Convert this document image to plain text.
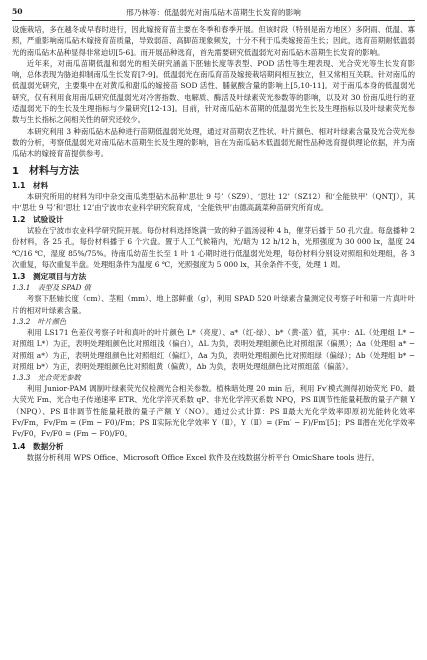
50	邢乃林等：低温弱光对南瓜砧木苗期生长发育的影响

设施栽培，多在越冬或早春时进行，因此嫁接育苗主要在冬季和春季开展。但该时段（特别是南方地区）多阴雨、低温、寡照，严重影响南瓜砧木嫁接育苗质量，导致弱苗、高脚苗现象频发，十分不利于瓜类嫁接苗生长；因此，选育苗期耐低温弱光的南瓜砧木品种显得非常迫切[5-6]。而开展品种选育，首先需要研究低温弱光对南瓜砧木苗期生长发育的影响。

近年来，对南瓜苗期低温和弱光的相关研究涵盖下胚轴长度等表型、POD 活性等生理表现、光合荧光等生长发育影响，总体表现为胁迫抑制南瓜生长发育[7-9]。低温弱光在南瓜育苗及嫁接栽培期间相互独立，但又常相互关联。针对南瓜的低温弱光研究，主要集中在对黄瓜和甜瓜的嫁接苗 SOD 活性、脯氨酸含量的影响上[5,10-11]。对于南瓜本身的低温弱光研究，仅有利用食用南瓜研究低温弱光对冷害指数、电解质、酶活及叶绿素荧光参数等的影响，以及对 30 份南瓜进行的亚适温弱光下的生长及生理指标与少量研究[12-13]。目前，针对南瓜砧木苗期的低温弱光生长及生理指标以及叶绿素荧光参数与生长指标之间相关性的研究还较少。

本研究利用 3 种南瓜砧木品种进行苗期低温弱光处理，通过对苗期农艺性状、叶片颜色、相对叶绿素含量及光合荧光参数的分析，考察低温弱光对南瓜砧木苗期生长及生理的影响，旨在为南瓜砧木低温弱光耐性品种选育提供理论依据，并为南瓜砧木的嫁接育苗提供参考。

1　材料与方法
1.1　材料

本研究所用的材料为印中杂交南瓜类型砧木品种‘思壮 9 号’（SZ9）、‘思壮 12’（SZ12）和‘全能铁甲’（QNTJ），其中‘思壮 9 号’和‘思壮 12’由宁波市农业科学研究院育成，‘全能铁甲’由德高蔬菜种苗研究所育成。

1.2　试验设计

试验在宁波市农业科学研究院开展。每份材料选择饱满一致的种子温汤浸种 4 h，催芽后播于 50 孔穴盘。每盘播种 2 份材料，各 25 孔，每份材料播于 6 个穴盘。置于人工气候箱内，光/暗为 12 h/12 h，光照强度为 30 000 lx，温度 24 ℃/16 ℃，湿度 85%/75%。待南瓜幼苗生长至 1 叶 1 心期时进行低温弱光处理，每份材料分别设对照组和处理组，各 3 次重复，每次重复半盘。处理组条件为温度 6 ℃，光照强度为 5 000 lx，其余条件不变，处理 1 周。

1.3　测定项目与方法
1.3.1　表型及 SPAD 值

考察下胚轴长度（cm）、茎粗（mm）、地上部鲜重（g），利用 SPAD 520 叶绿素含量测定仪考察子叶和第一片真叶叶片的相对叶绿素含量。

1.3.2　叶片颜色

利用 LS171 色差仪考察子叶和真叶的叶片颜色 L*（亮度）、a*（红-绿）、b*（黄-蓝）值，其中：ΔL（处理组 L* − 对照组 L*）为正，表明处理组颜色比对照组浅（偏白），ΔL 为负，表明处理组颜色比对照组深（偏黑）；Δa（处理组 a* − 对照组 a*）为正，表明处理组颜色比对照组红（偏红），Δa 为负，表明处理组颜色比对照组绿（偏绿）；Δb（处理组 b* − 对照组 b*）为正，表明处理组颜色比对照组黄（偏黄），Δb 为负，表明处理组颜色比对照组蓝（偏蓝）。

1.3.3　光合荧光参数

利用 Junior-PAM 调制叶绿素荧光仪检测光合相关参数。植株暗处理 20 min 后，利用 Fv′模式测得初始荧光 F0、最大荧光 Fm、光合电子传递速率 ETR、光化学淬灭系数 qP、非光化学淬灭系数 NPQ，PS Ⅱ调节性能量耗散的量子产额 Y（NPQ）、PS Ⅱ非调节性能量耗散的量子产额 Y（NO）。通过公式计算：PS Ⅱ最大光化学效率即原初光能转化效率 Fv/Fm，Fv/Fm = (Fm − F0)/Fm；PS Ⅱ实际光化学效率 Y（Ⅱ），Y（Ⅱ）= (Fm′ − F)/Fm′[5]；PS Ⅱ潜在光化学效率 Fv/F0，Fv/F0 = (Fm − F0)/F0。

1.4　数据分析

数据分析利用 WPS Office、Microsoft Office Excel 软件及在线数据分析平台 OmicShare tools 进行。
